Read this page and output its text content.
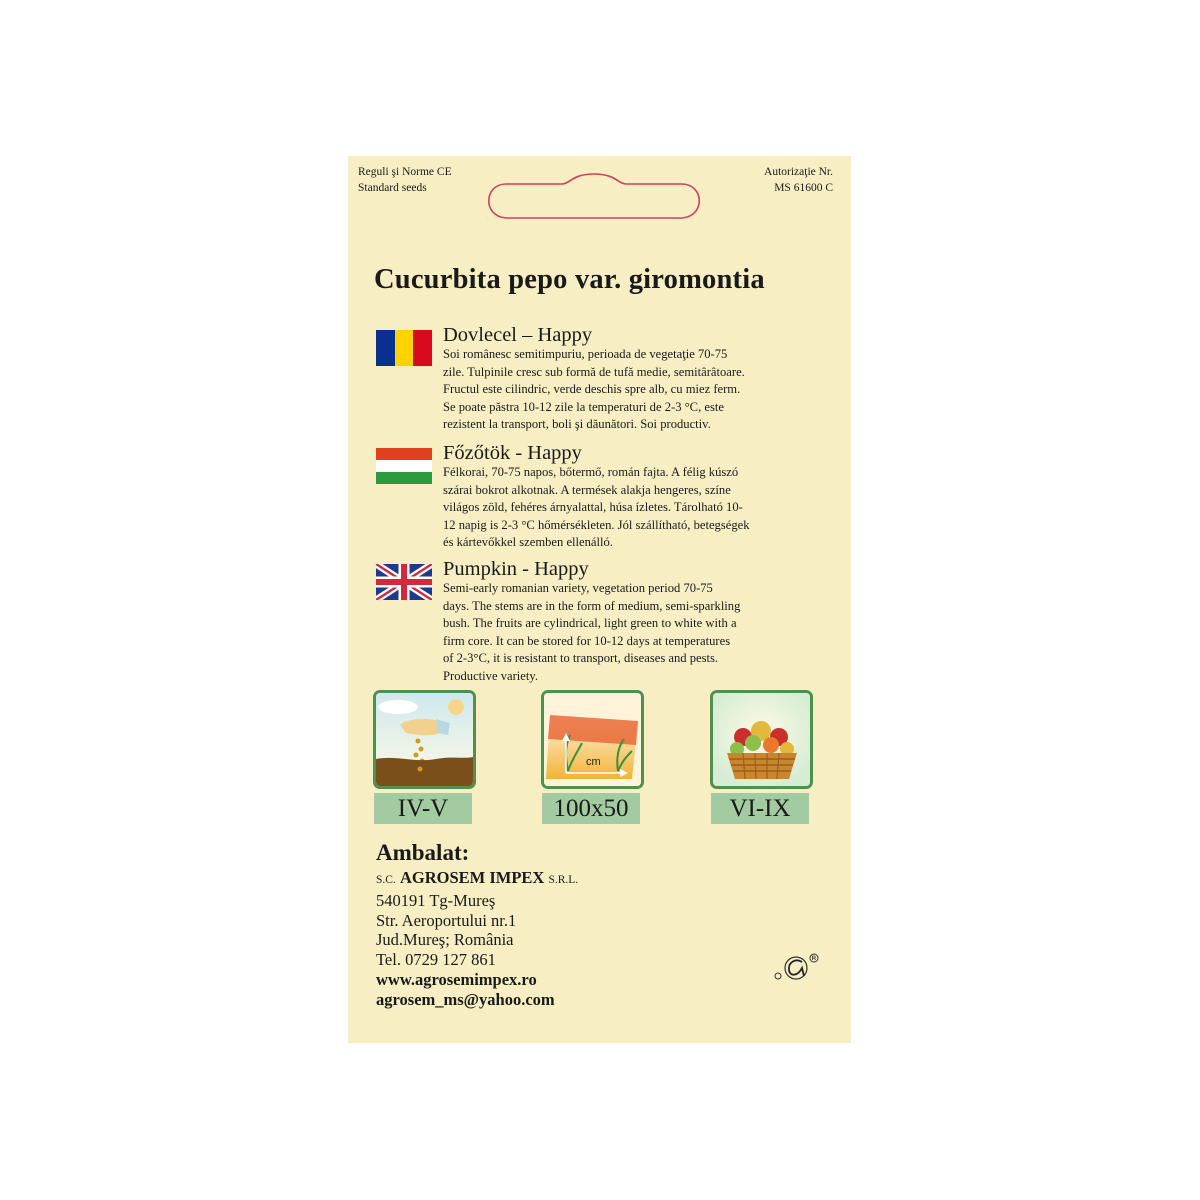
Reguli şi Norme CE
Standard seeds
Autorizaţie Nr.
MS 61600 C
Cucurbita pepo var. giromontia
Dovlecel – Happy
Soi românesc semitimpuriu, perioada de vegetaţie 70-75
zile. Tulpinile cresc sub formă de tufă medie, semitârâtoare.
Fructul este cilindric, verde deschis spre alb, cu miez ferm.
Se poate păstra 10-12 zile la temperaturi de 2-3 °C, este
rezistent la transport, boli şi dăunători. Soi productiv.
Főzőtök - Happy
Félkorai, 70-75 napos, bőtermő, román fajta. A félig kúszó
szárai bokrot alkotnak. A termések alakja hengeres, színe
világos zöld, fehéres árnyalattal, húsa ízletes. Tárolható 10-
12 napig is 2-3 °C hőmérsékleten. Jól szállítható, betegségek
és kártevőkkel szemben ellenálló.
Pumpkin - Happy
Semi-early romanian variety, vegetation period 70-75
days. The stems are in the form of medium, semi-sparkling
bush. The fruits are cylindrical, light green to white with a
firm core. It can be stored for 10-12 days at temperatures
of 2-3°C, it is resistant to transport, diseases and pests.
Productive variety.
IV-V
cm
100x50	VI-IX
Ambalat:
S.C. AGROSEM IMPEX S.R.L.
540191 Tg-Mureş
Str. Aeroportului nr.1
Jud.Mureş; România
Tel. 0729 127 861
www.agrosemimpex.ro
agrosem_ms@yahoo.com
